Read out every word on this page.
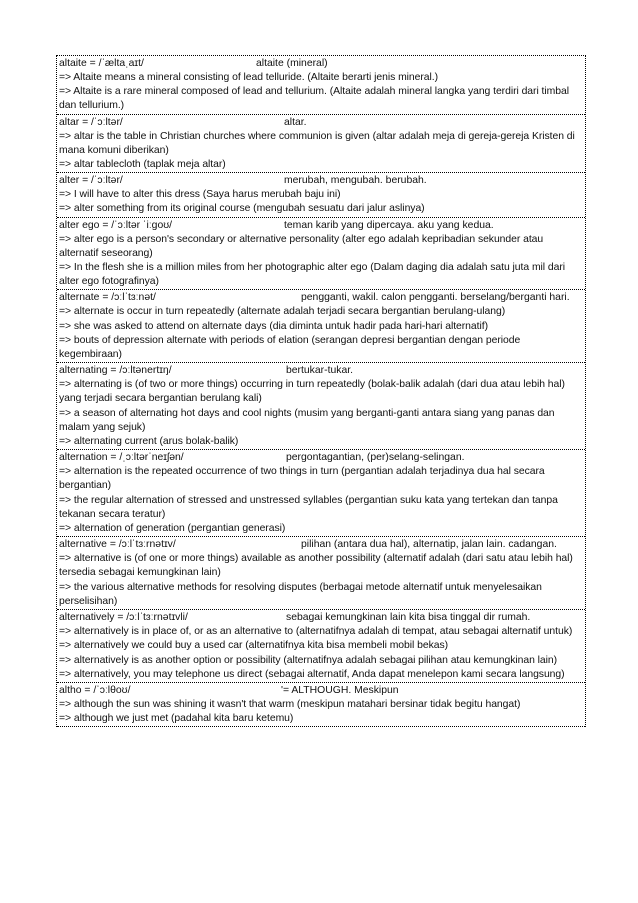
altaite = /ˈæltaˌaɪt/	altaite (mineral)
=> Altaite means a mineral consisting of lead telluride. (Altaite berarti jenis mineral.)
=> Altaite is a rare mineral composed of lead and tellurium. (Altaite adalah mineral langka yang terdiri dari timbal dan tellurium.)
altar = /ˈɔːltər/	altar.
=> altar is the table in Christian churches where communion is given (altar adalah meja di gereja-gereja Kristen di mana komuni diberikan)
=> altar tablecloth (taplak meja altar)
alter = /ˈɔːltər/	merubah, mengubah. berubah.
=> I will have to alter this dress (Saya harus merubah baju ini)
=> alter something from its original course (mengubah sesuatu dari jalur aslinya)
alter ego = /ˈɔːltər ˈiːɡoʊ/	teman karib yang dipercaya. aku yang kedua.
=> alter ego is a person's secondary or alternative personality (alter ego adalah kepribadian sekunder atau alternatif seseorang)
=> In the flesh she is a million miles from her photographic alter ego (Dalam daging dia adalah satu juta mil dari alter ego fotografinya)
alternate = /ɔːlˈtɜːnət/	pengganti, wakil. calon pengganti. berselang/berganti hari.
=> alternate is occur in turn repeatedly (alternate adalah terjadi secara bergantian berulang-ulang)
=> she was asked to attend on alternate days (dia diminta untuk hadir pada hari-hari alternatif)
=> bouts of depression alternate with periods of elation (serangan depresi bergantian dengan periode kegembiraan)
alternating = /ɔːltənertɪŋ/	bertukar-tukar.
=> alternating is (of two or more things) occurring in turn repeatedly (bolak-balik adalah (dari dua atau lebih hal) yang terjadi secara bergantian berulang kali)
=> a season of alternating hot days and cool nights (musim yang berganti-ganti antara siang yang panas dan malam yang sejuk)
=> alternating current (arus bolak-balik)
alternation = /ˌɔːltərˈneɪʃən/	pergontagantian, (per)selang-selingan.
=> alternation is the repeated occurrence of two things in turn (pergantian adalah terjadinya dua hal secara bergantian)
=> the regular alternation of stressed and unstressed syllables (pergantian suku kata yang tertekan dan tanpa tekanan secara teratur)
=> alternation of generation (pergantian generasi)
alternative = /ɔːlˈtɜːrnətɪv/	pilihan (antara dua hal), alternatip, jalan lain. cadangan.
=> alternative is (of one or more things) available as another possibility (alternatif adalah (dari satu atau lebih hal) tersedia sebagai kemungkinan lain)
=> the various alternative methods for resolving disputes (berbagai metode alternatif untuk menyelesaikan perselisihan)
alternatively = /ɔːlˈtɜːrnətɪvli/	sebagai kemungkinan lain kita bisa tinggal dir rumah.
=> alternatively is in place of, or as an alternative to (alternatifnya adalah di tempat, atau sebagai alternatif untuk)
=> alternatively we could buy a used car (alternatifnya kita bisa membeli mobil bekas)
=> alternatively is as another option or possibility (alternatifnya adalah sebagai pilihan atau kemungkinan lain)
=> alternatively, you may telephone us direct (sebagai alternatif, Anda dapat menelepon kami secara langsung)
altho = /ˈɔːlθoʊ/	'= ALTHOUGH. Meskipun
=> although the sun was shining it wasn't that warm (meskipun matahari bersinar tidak begitu hangat)
=> although we just met (padahal kita baru ketemu)
